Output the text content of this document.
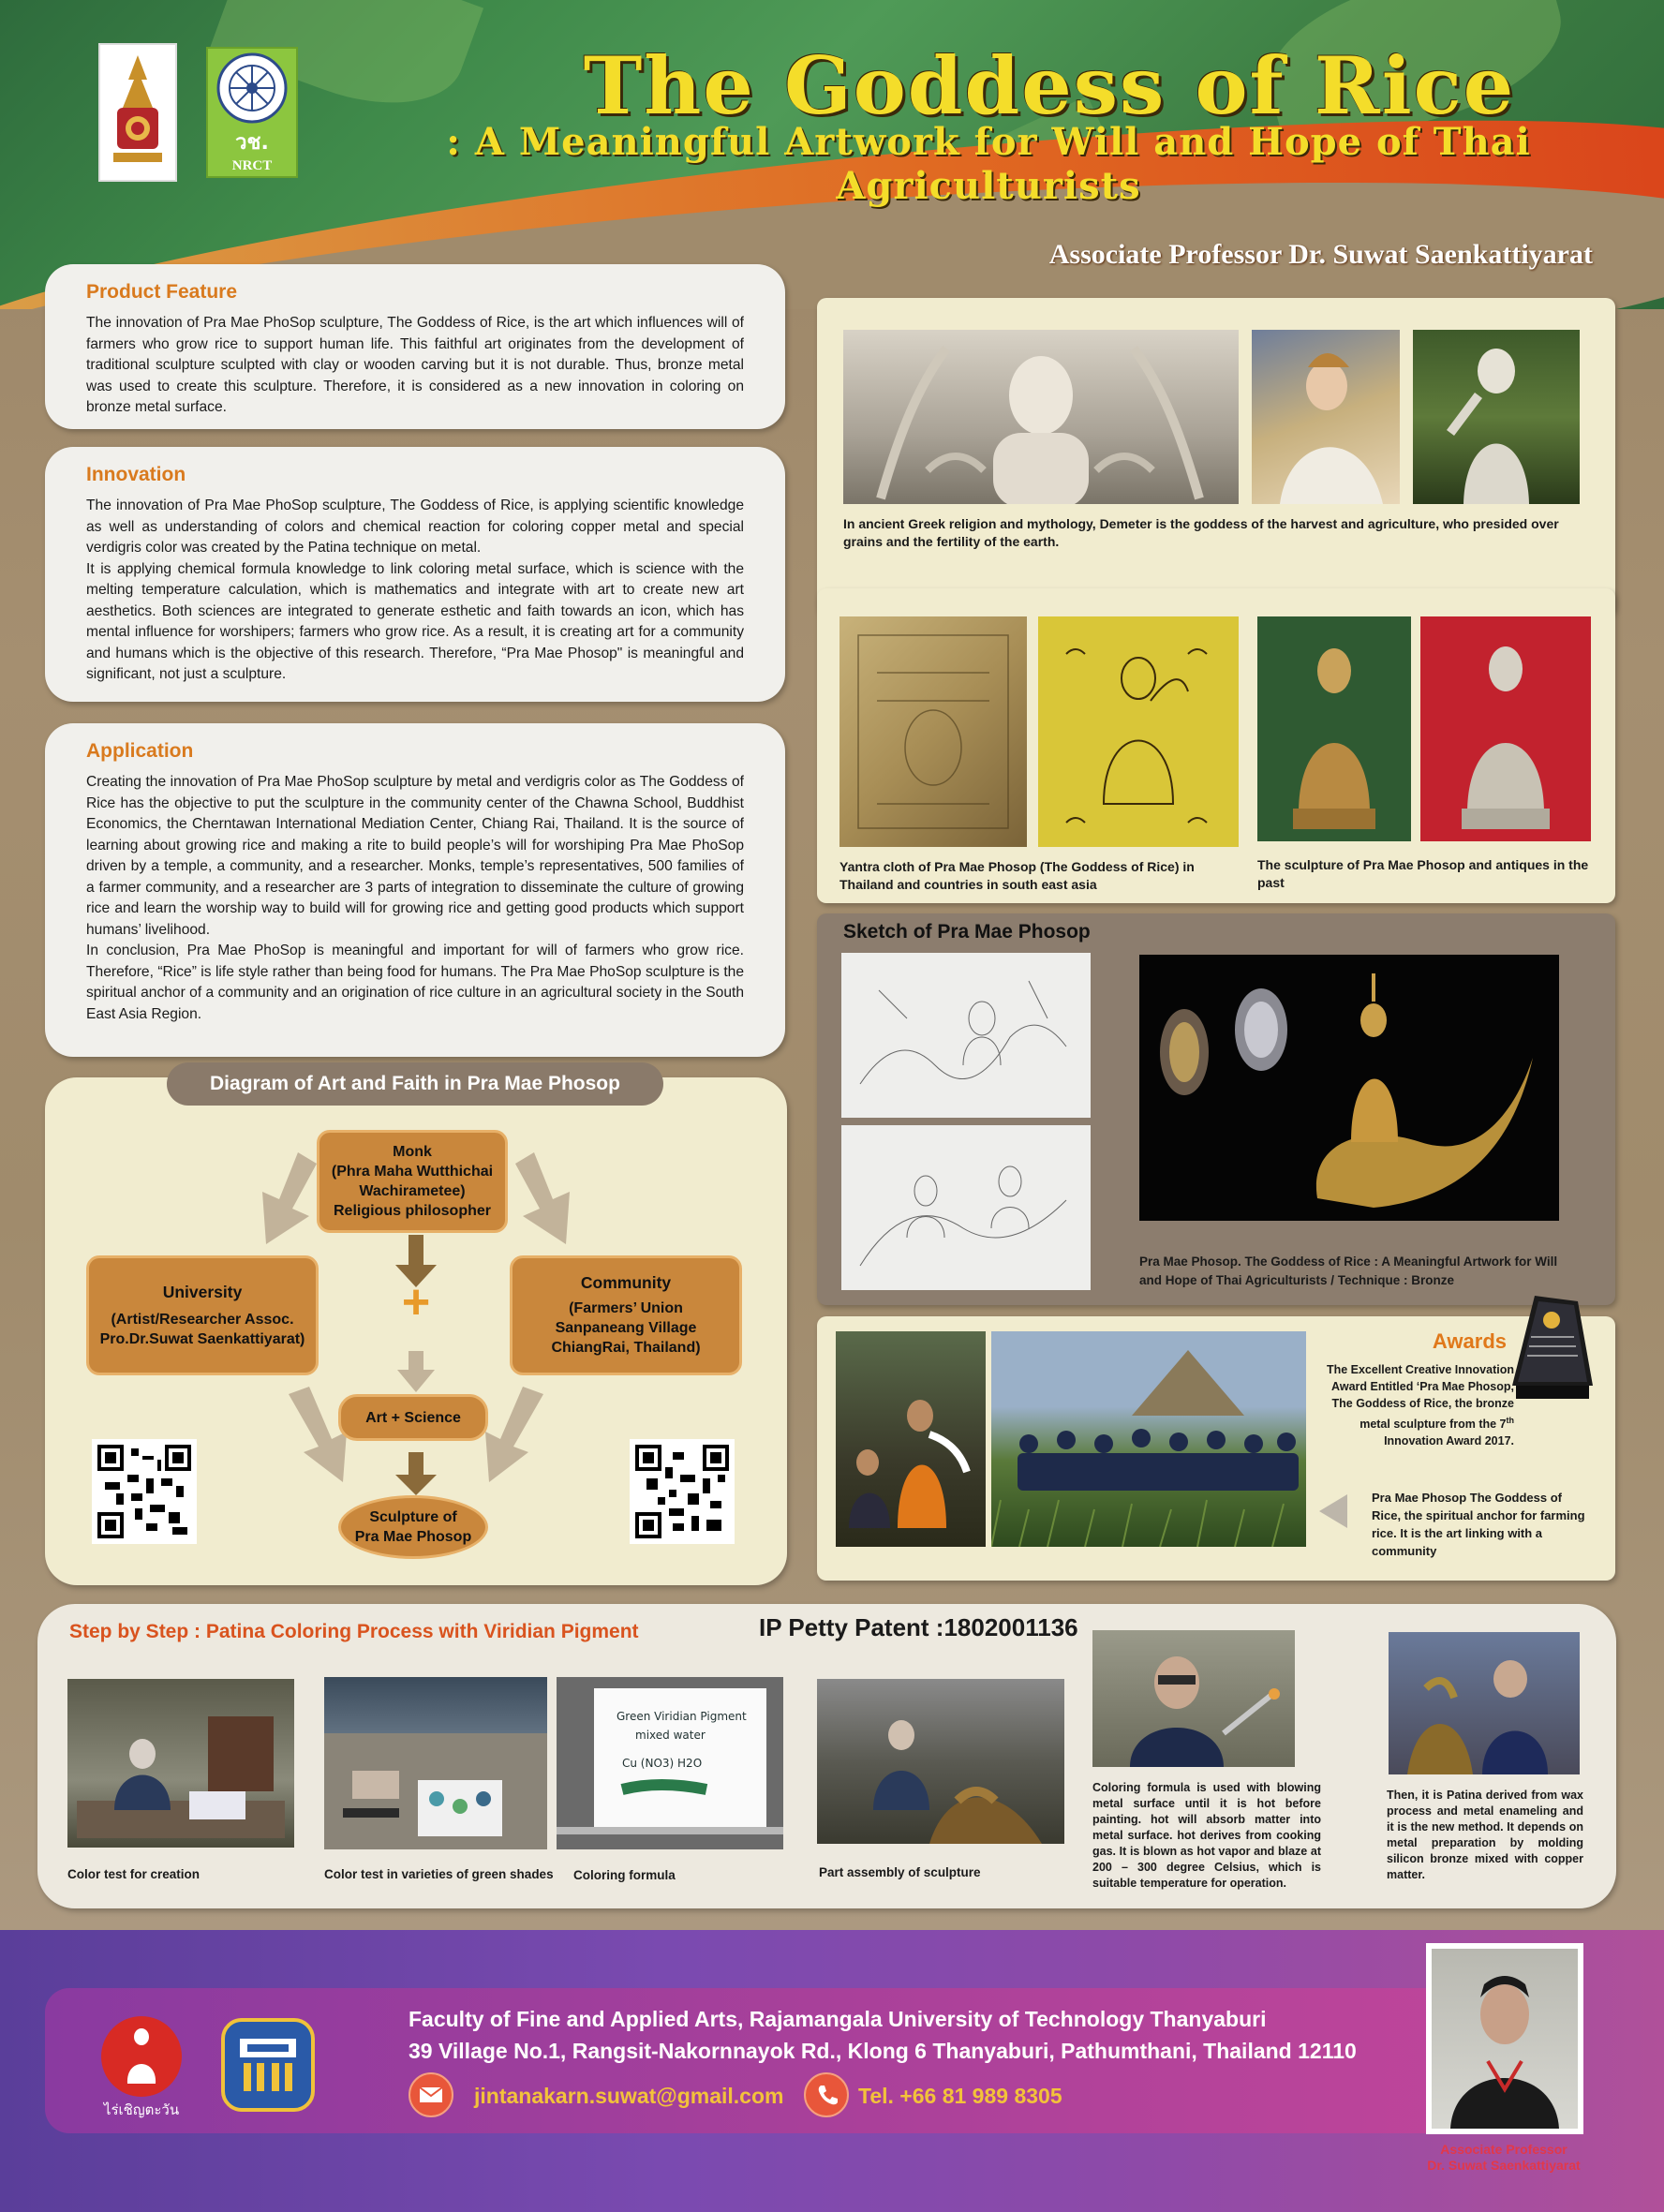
วช.
NRCT
The Goddess of Rice
: A Meaningful Artwork for Will and Hope of Thai Agriculturists
Associate Professor Dr. Suwat Saenkattiyarat
Product Feature

The innovation of Pra Mae PhoSop sculpture, The Goddess of Rice, is the art which influences will of farmers who grow rice to support human life. This faithful art originates from the development of traditional sculpture sculpted with clay or wooden carving but it is not durable. Thus, bronze metal was used to create this sculpture. Therefore, it is considered as a new innovation in coloring on bronze metal surface.

Innovation

The innovation of Pra Mae PhoSop sculpture, The Goddess of Rice, is applying scientific knowledge as well as understanding of colors and chemical reaction for coloring copper metal and special verdigris color was created by the Patina technique on metal.

It is applying chemical formula knowledge to link coloring metal surface, which is science with the melting temperature calculation, which is mathematics and integrate with art to create new art aesthetics. Both sciences are integrated to generate esthetic and faith towards an icon, which has mental influence for worshipers; farmers who grow rice. As a result, it is creating art for a community and humans which is the objective of this research. Therefore, “Pra Mae Phosop" is meaningful and significant, not just a sculpture.

Application

Creating the innovation of Pra Mae PhoSop sculpture by metal and verdigris color as The Goddess of Rice has the objective to put the sculpture in the community center of the Chawna School, Buddhist Economics, the Cherntawan International Mediation Center, Chiang Rai, Thailand. It is the source of learning about growing rice and making a rite to build people’s will for worshiping Pra Mae PhoSop driven by a temple, a community, and a researcher. Monks, temple’s representatives, 500 families of a farmer community, and a researcher are 3 parts of integration to disseminate the culture of growing rice and learn the worship way to build will for growing rice and getting good products which support humans’ livelihood.

In conclusion, Pra Mae PhoSop is meaningful and important for will of farmers who grow rice. Therefore, “Rice” is life style rather than being food for humans. The Pra Mae PhoSop sculpture is the spiritual anchor of a community and an origination of rice culture in an agricultural society in the South East Asia Region.

Diagram of Art and Faith in Pra Mae Phosop
Monk
(Phra Maha Wutthichai
Wachirametee)
Religious philosopher
University
(Artist/Researcher Assoc.
Pro.Dr.Suwat Saenkattiyarat)
Community
(Farmers’ Union
Sanpaneang Village
ChiangRai, Thailand)
+
Art + Science
Sculpture of
Pra Mae Phosop
In ancient Greek religion and mythology, Demeter is the goddess of the harvest and agriculture, who presided over grains and the fertility of the earth.
Yantra cloth of Pra Mae Phosop (The Goddess of Rice) in Thailand and countries in south east asia
The sculpture of Pra Mae Phosop and antiques in the past
Sketch of Pra Mae Phosop
Pra Mae Phosop. The Goddess of Rice : A Meaningful Artwork for Will and Hope of Thai Agriculturists / Technique : Bronze
Awards
The Excellent Creative Innovation Award Entitled ‘Pra Mae Phosop, The Goddess of Rice, the bronze metal sculpture from the 7th Innovation Award 2017.
Pra Mae Phosop The Goddess of Rice, the spiritual anchor for farming rice. It is the art linking with a community
Step by Step : Patina Coloring Process with Viridian Pigment	IP Petty Patent :1802001136
Green Viridian Pigment
mixed water
Cu (NO3) H2O
Color test for creation	Color test in varieties of green shades Coloring formula	Part assembly of sculpture
Coloring formula is used with blowing metal surface until it is hot before painting. hot will absorb matter into metal surface. hot derives from cooking gas. It is blown as hot vapor and blaze at 200 – 300 degree Celsius, which is suitable temperature for operation.
Then, it is Patina derived from wax process and metal enameling and it is the new method. It depends on metal preparation by molding silicon bronze mixed with copper matter.
ไร่เชิญตะวัน
Faculty of Fine and Applied Arts, Rajamangala University of Technology Thanyaburi
39 Village No.1, Rangsit-Nakornnayok Rd., Klong 6 Thanyaburi, Pathumthani, Thailand 12110
jintanakarn.suwat@gmail.com	Tel. +66 81 989 8305
Associate Professor
Dr. Suwat Saenkattiyarat
